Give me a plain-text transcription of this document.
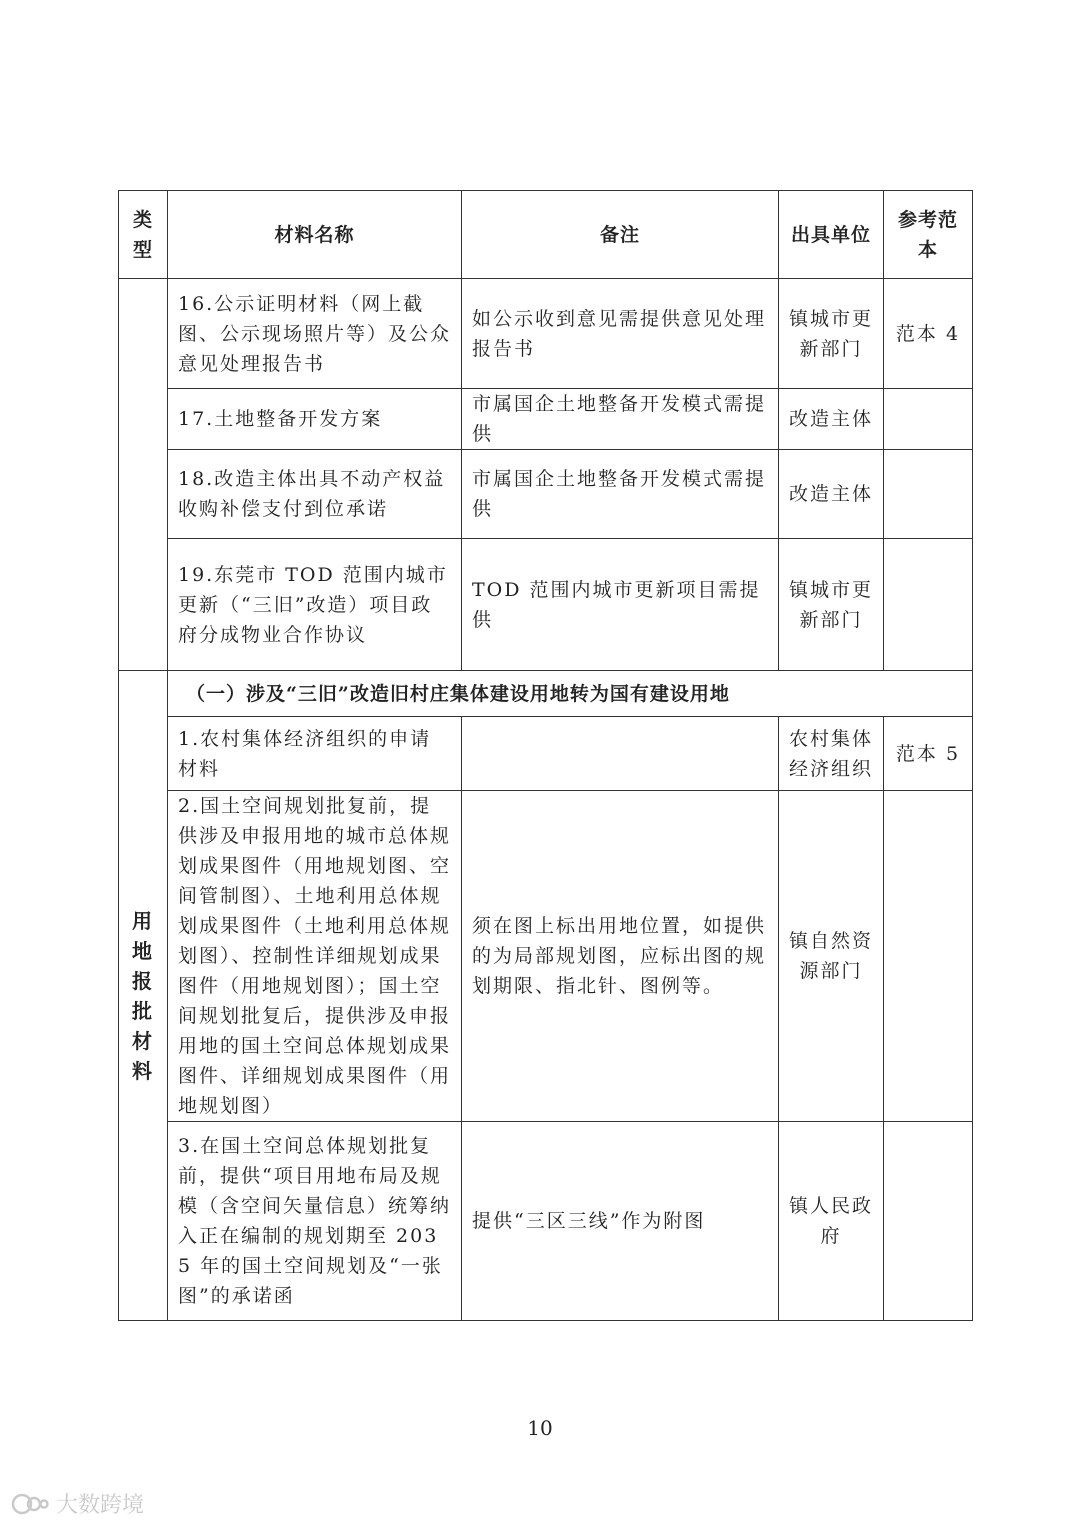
类型	材料名称	备注	出具单位	参考范本
	16.公示证明材料（网上截图、公示现场照片等）及公众意见处理报告书	如公示收到意见需提供意见处理报告书	镇城市更新部门	范本 4
	17.土地整备开发方案	市属国企土地整备开发模式需提供	改造主体	
	18.改造主体出具不动产权益收购补偿支付到位承诺	市属国企土地整备开发模式需提供	改造主体	
	19.东莞市 TOD 范围内城市更新（“三旧”改造）项目政府分成物业合作协议	TOD 范围内城市更新项目需提供	镇城市更新部门	
用地报批材料	（一）涉及“三旧”改造旧村庄集体建设用地转为国有建设用地			
	1.农村集体经济组织的申请材料		农村集体经济组织	范本 5
	2.国土空间规划批复前，提供涉及申报用地的城市总体规划成果图件（用地规划图、空间管制图）、土地利用总体规划成果图件（土地利用总体规划图）、控制性详细规划成果图件（用地规划图）；国土空间规划批复后，提供涉及申报用地的国土空间总体规划成果图件、详细规划成果图件（用地规划图）	须在图上标出用地位置，如提供的为局部规划图，应标出图的规划期限、指北针、图例等。	镇自然资源部门	
	3.在国土空间总体规划批复前，提供“项目用地布局及规模（含空间矢量信息）统筹纳入正在编制的规划期至 2035 年的国土空间规划及“一张图”的承诺函	提供“三区三线”作为附图	镇人民政府	
10
大数跨境
